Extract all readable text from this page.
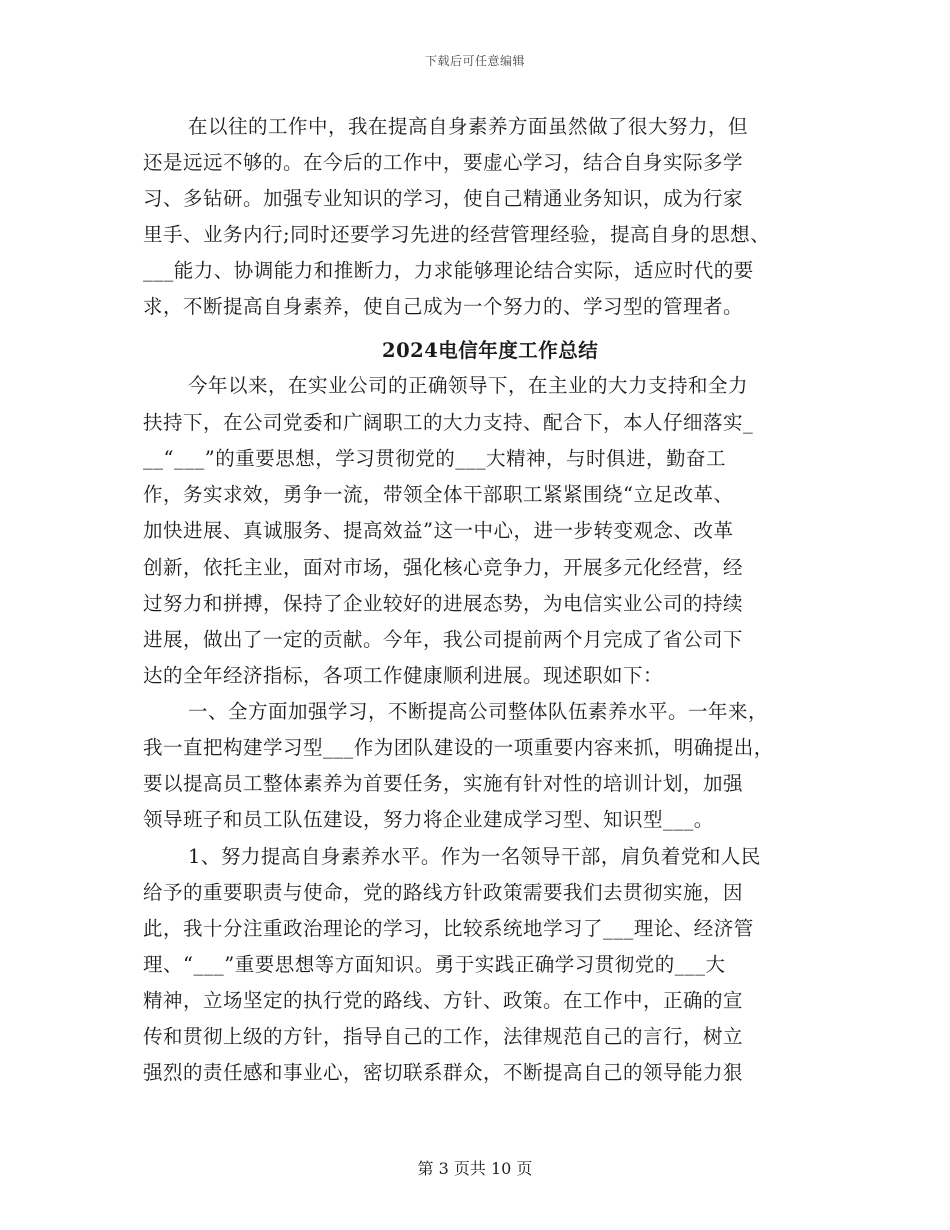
下载后可任意编辑
在以往的工作中，我在提高自身素养方面虽然做了很大努力，但
还是远远不够的。在今后的工作中，要虚心学习，结合自身实际多学
习、多钻研。加强专业知识的学习，使自己精通业务知识，成为行家
里手、业务内行;同时还要学习先进的经营管理经验，提高自身的思想、
___能力、协调能力和推断力，力求能够理论结合实际，适应时代的要
求，不断提高自身素养，使自己成为一个努力的、学习型的管理者。
2024电信年度工作总结
今年以来，在实业公司的正确领导下，在主业的大力支持和全力
扶持下，在公司党委和广阔职工的大力支持、配合下，本人仔细落实_
__“___”的重要思想，学习贯彻党的___大精神，与时俱进，勤奋工
作，务实求效，勇争一流，带领全体干部职工紧紧围绕“立足改革、
加快进展、真诚服务、提高效益”这一中心，进一步转变观念、改革
创新，依托主业，面对市场，强化核心竞争力，开展多元化经营，经
过努力和拼搏，保持了企业较好的进展态势，为电信实业公司的持续
进展，做出了一定的贡献。今年，我公司提前两个月完成了省公司下
达的全年经济指标，各项工作健康顺利进展。现述职如下：
一、全方面加强学习，不断提高公司整体队伍素养水平。一年来，
我一直把构建学习型___作为团队建设的一项重要内容来抓，明确提出，
要以提高员工整体素养为首要任务，实施有针对性的培训计划，加强
领导班子和员工队伍建设，努力将企业建成学习型、知识型___。
1、努力提高自身素养水平。作为一名领导干部，肩负着党和人民
给予的重要职责与使命，党的路线方针政策需要我们去贯彻实施，因
此，我十分注重政治理论的学习，比较系统地学习了___理论、经济管
理、“___”重要思想等方面知识。勇于实践正确学习贯彻党的___大
精神，立场坚定的执行党的路线、方针、政策。在工作中，正确的宣
传和贯彻上级的方针，指导自己的工作，法律规范自己的言行，树立
强烈的责任感和事业心，密切联系群众，不断提高自己的领导能力狠
第 3 页共 10 页
